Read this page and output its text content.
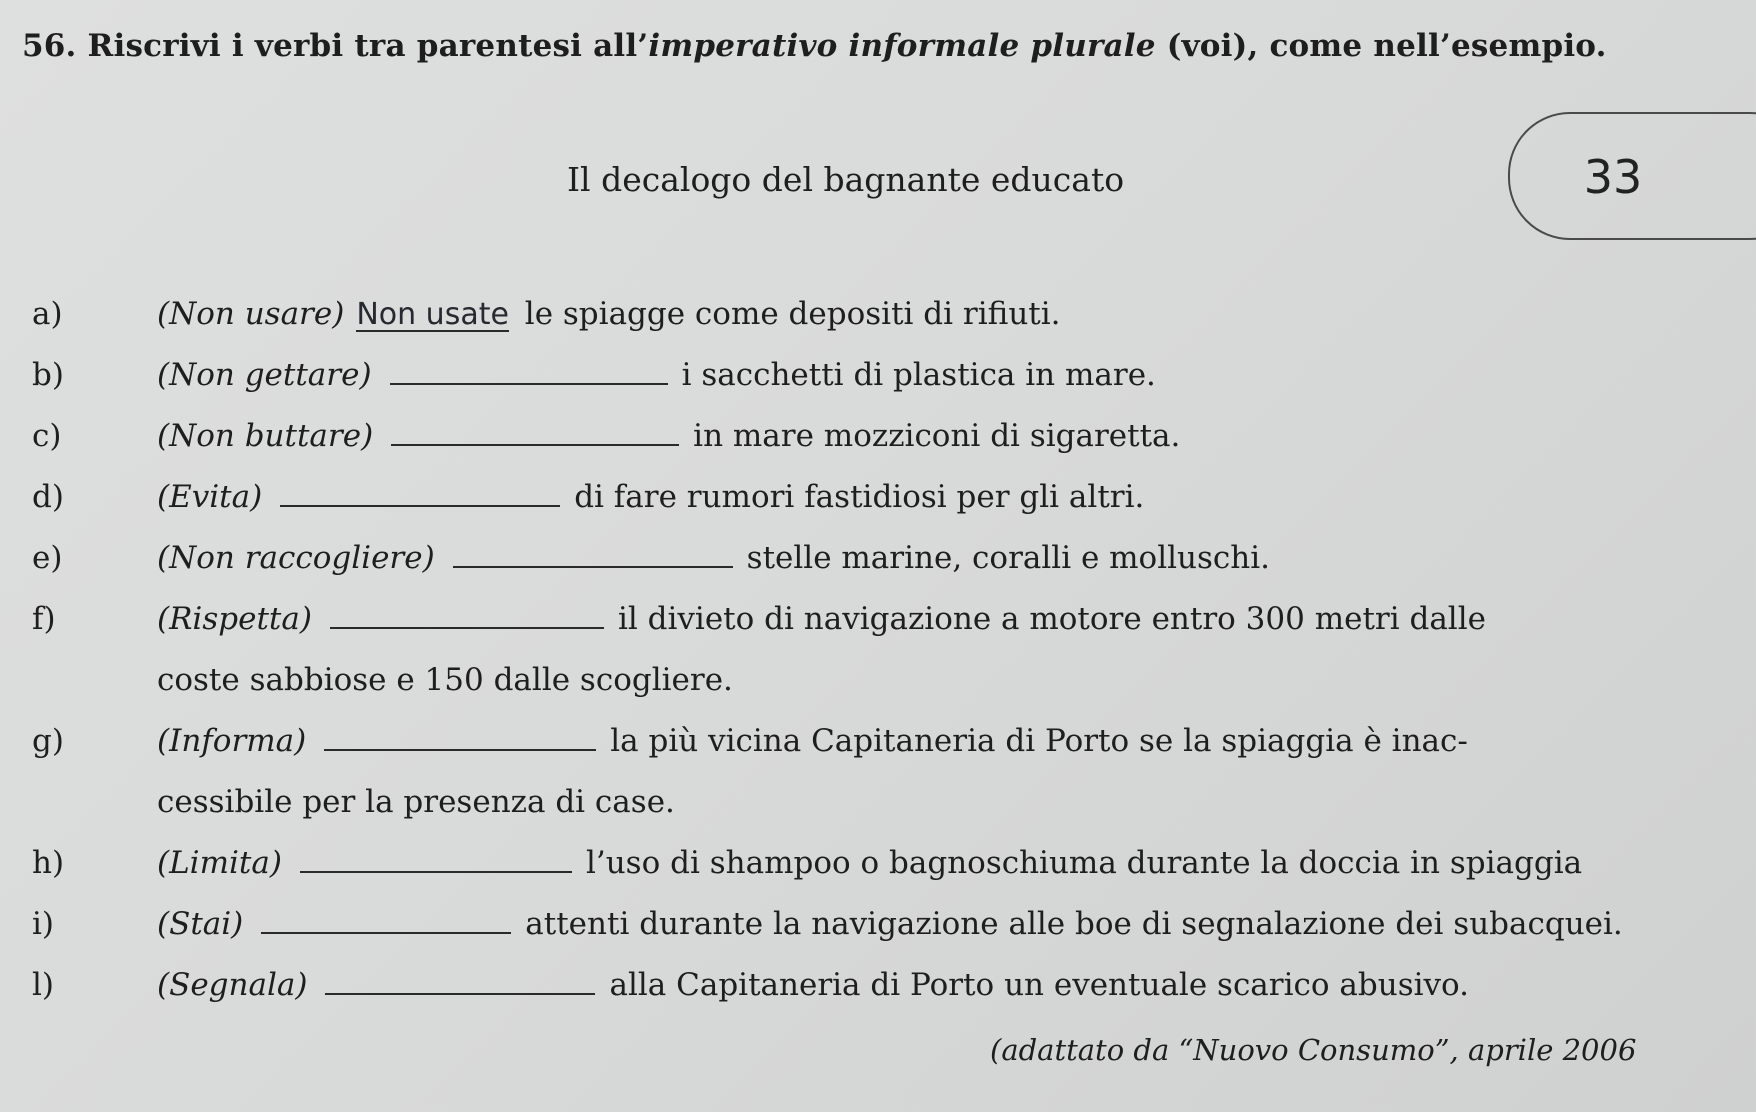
56. Riscrivi i verbi tra parentesi all’imperativo informale plurale (voi), come nell’esempio.
33
Il decalogo del bagnante educato
a)	(Non usare) Non usate le spiagge come depositi di rifiuti.
b)	(Non gettare)	i sacchetti di plastica in mare.
c)	(Non buttare)	in mare mozziconi di sigaretta.
d)	(Evita)	di fare rumori fastidiosi per gli altri.
e)	(Non raccogliere)	stelle marine, coralli e molluschi.
f)	(Rispetta)	il divieto di navigazione a motore entro 300 metri dalle
coste sabbiose e 150 dalle scogliere.
g)	(Informa)	la più vicina Capitaneria di Porto se la spiaggia è inac-
cessibile per la presenza di case.
h)	(Limita)	l’uso di shampoo o bagnoschiuma durante la doccia in spiaggia
i)	(Stai)	attenti durante la navigazione alle boe di segnalazione dei subacquei.
l)	(Segnala)	alla Capitaneria di Porto un eventuale scarico abusivo.
(adattato da “Nuovo Consumo”, aprile 2006
